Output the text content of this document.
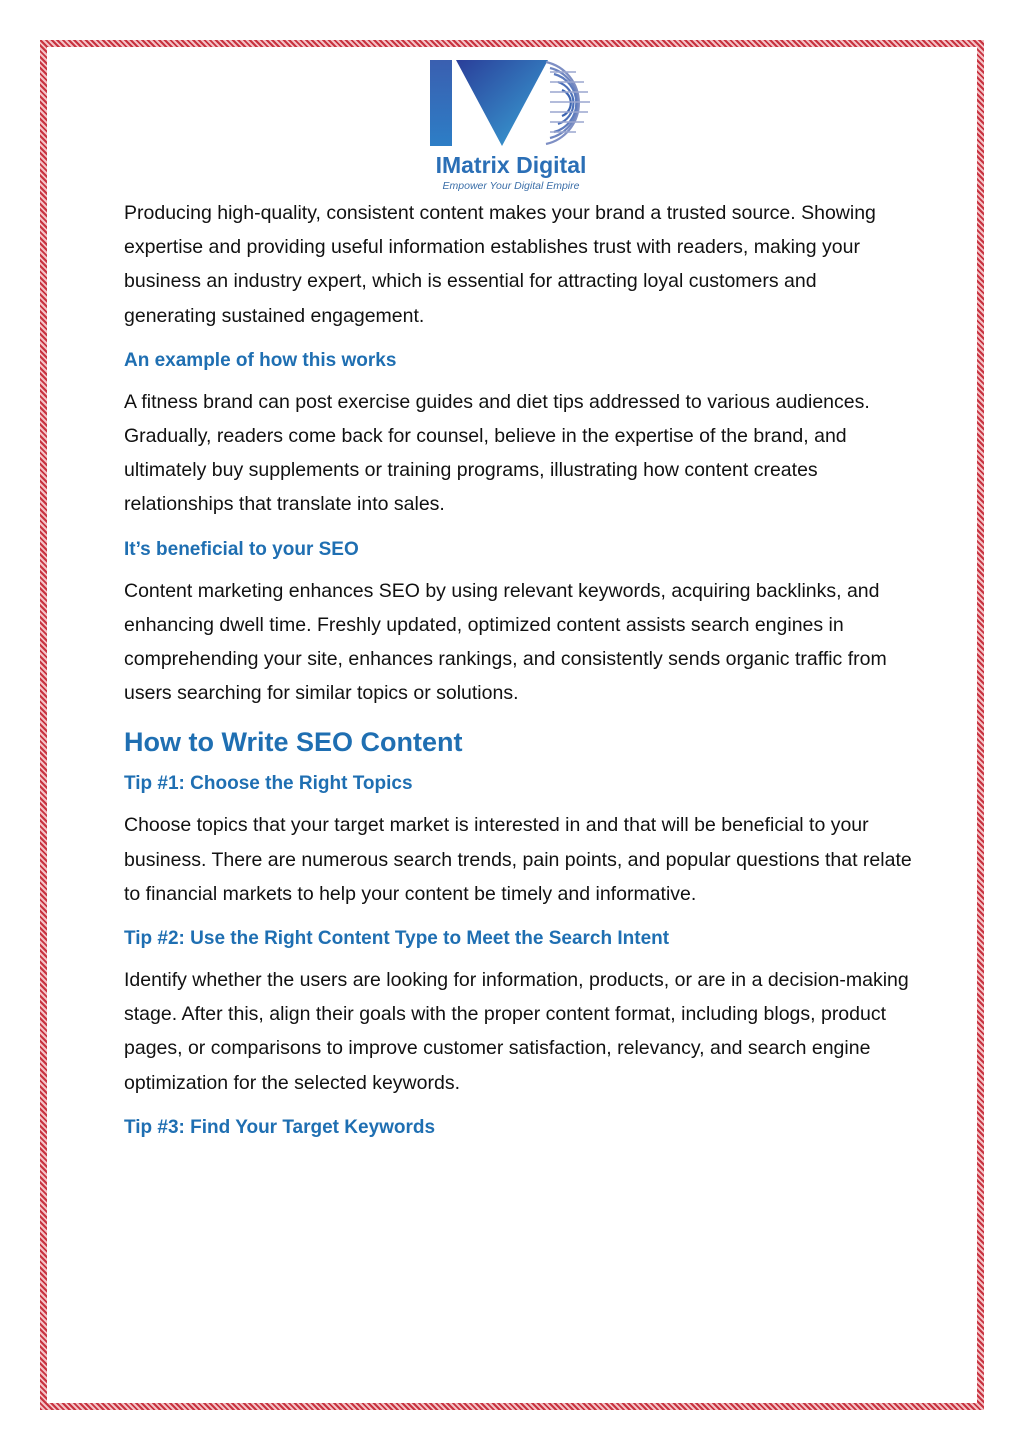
IMatrix Digital
Empower Your Digital Empire

Producing high-quality, consistent content makes your brand a trusted source. Showing expertise and providing useful information establishes trust with readers, making your business an industry expert, which is essential for attracting loyal customers and generating sustained engagement.

An example of how this works

A fitness brand can post exercise guides and diet tips addressed to various audiences. Gradually, readers come back for counsel, believe in the expertise of the brand, and ultimately buy supplements or training programs, illustrating how content creates relationships that translate into sales.

It’s beneficial to your SEO

Content marketing enhances SEO by using relevant keywords, acquiring backlinks, and enhancing dwell time. Freshly updated, optimized content assists search engines in comprehending your site, enhances rankings, and consistently sends organic traffic from users searching for similar topics or solutions.

How to Write SEO Content
Tip #1: Choose the Right Topics

Choose topics that your target market is interested in and that will be beneficial to your business. There are numerous search trends, pain points, and popular questions that relate to financial markets to help your content be timely and informative.

Tip #2: Use the Right Content Type to Meet the Search Intent

Identify whether the users are looking for information, products, or are in a decision-making stage. After this, align their goals with the proper content format, including blogs, product pages, or comparisons to improve customer satisfaction, relevancy, and search engine optimization for the selected keywords.

Tip #3: Find Your Target Keywords
